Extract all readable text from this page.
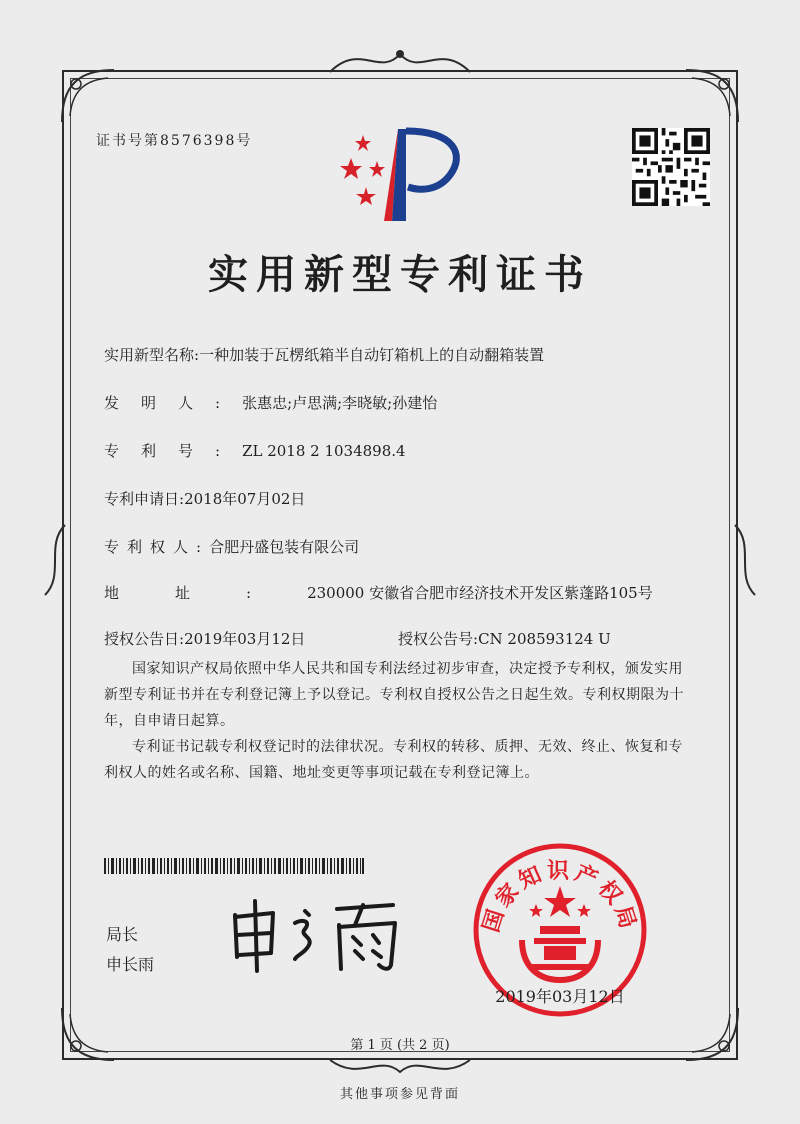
证书号第8576398号
实用新型专利证书
实用新型名称:一种加装于瓦楞纸箱半自动钉箱机上的自动翻箱装置
发明人:张惠忠;卢思满;李晓敏;孙建怡
专利号:ZL 2018 2 1034898.4
专利申请日:2018年07月02日
专利权人:合肥丹盛包装有限公司
地址:230000 安徽省合肥市经济技术开发区紫蓬路105号
授权公告日:2019年03月12日	授权公告号:CN 208593124 U
国家知识产权局依照中华人民共和国专利法经过初步审查，决定授予专利权，颁发实用新型专利证书并在专利登记簿上予以登记。专利权自授权公告之日起生效。专利权期限为十年，自申请日起算。
专利证书记载专利权登记时的法律状况。专利权的转移、质押、无效、终止、恢复和专利权人的姓名或名称、国籍、地址变更等事项记载在专利登记簿上。
局长
申长雨
国家知识产权局
2019年03月12日
第 1 页 (共 2 页)
其他事项参见背面
